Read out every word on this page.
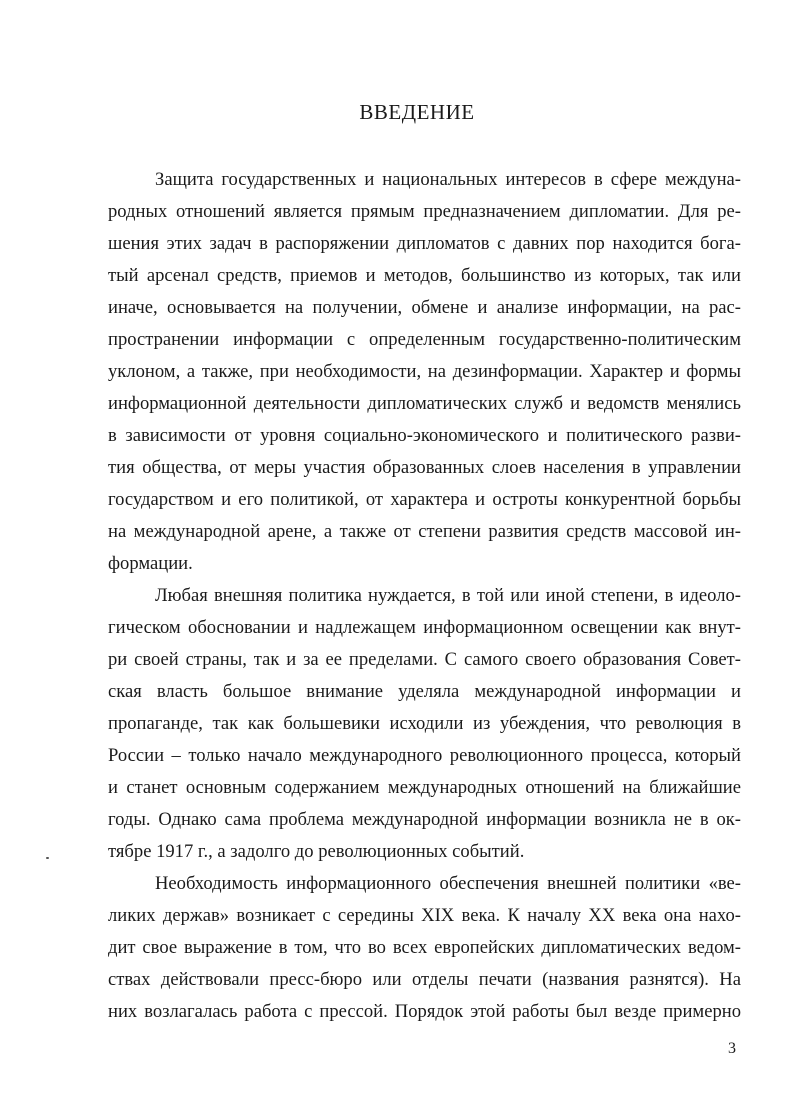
ВВЕДЕНИЕ
Защита государственных и национальных интересов в сфере междуна-
родных отношений является прямым предназначением дипломатии. Для ре-
шения этих задач в распоряжении дипломатов с давних пор находится бога-
тый арсенал средств, приемов и методов, большинство из которых, так или
иначе, основывается на получении, обмене и анализе информации, на рас-
пространении информации с определенным государственно-политическим
уклоном, а также, при необходимости, на дезинформации. Характер и формы
информационной деятельности дипломатических служб и ведомств менялись
в зависимости от уровня социально-экономического и политического разви-
тия общества, от меры участия образованных слоев населения в управлении
государством и его политикой, от характера и остроты конкурентной борьбы
на международной арене, а также от степени развития средств массовой ин-
формации.
Любая внешняя политика нуждается, в той или иной степени, в идеоло-
гическом обосновании и надлежащем информационном освещении как внут-
ри своей страны, так и за ее пределами. С самого своего образования Совет-
ская власть большое внимание уделяла международной информации и
пропаганде, так как большевики исходили из убеждения, что революция в
России – только начало международного революционного процесса, который
и станет основным содержанием международных отношений на ближайшие
годы. Однако сама проблема международной информации возникла не в ок-
тябре 1917 г., а задолго до революционных событий.
Необходимость информационного обеспечения внешней политики «ве-
ликих держав» возникает с середины XIX века. К началу XX века она нахо-
дит свое выражение в том, что во всех европейских дипломатических ведом-
ствах действовали пресс-бюро или отделы печати (названия разнятся). На
них возлагалась работа с прессой. Порядок этой работы был везде примерно
3
